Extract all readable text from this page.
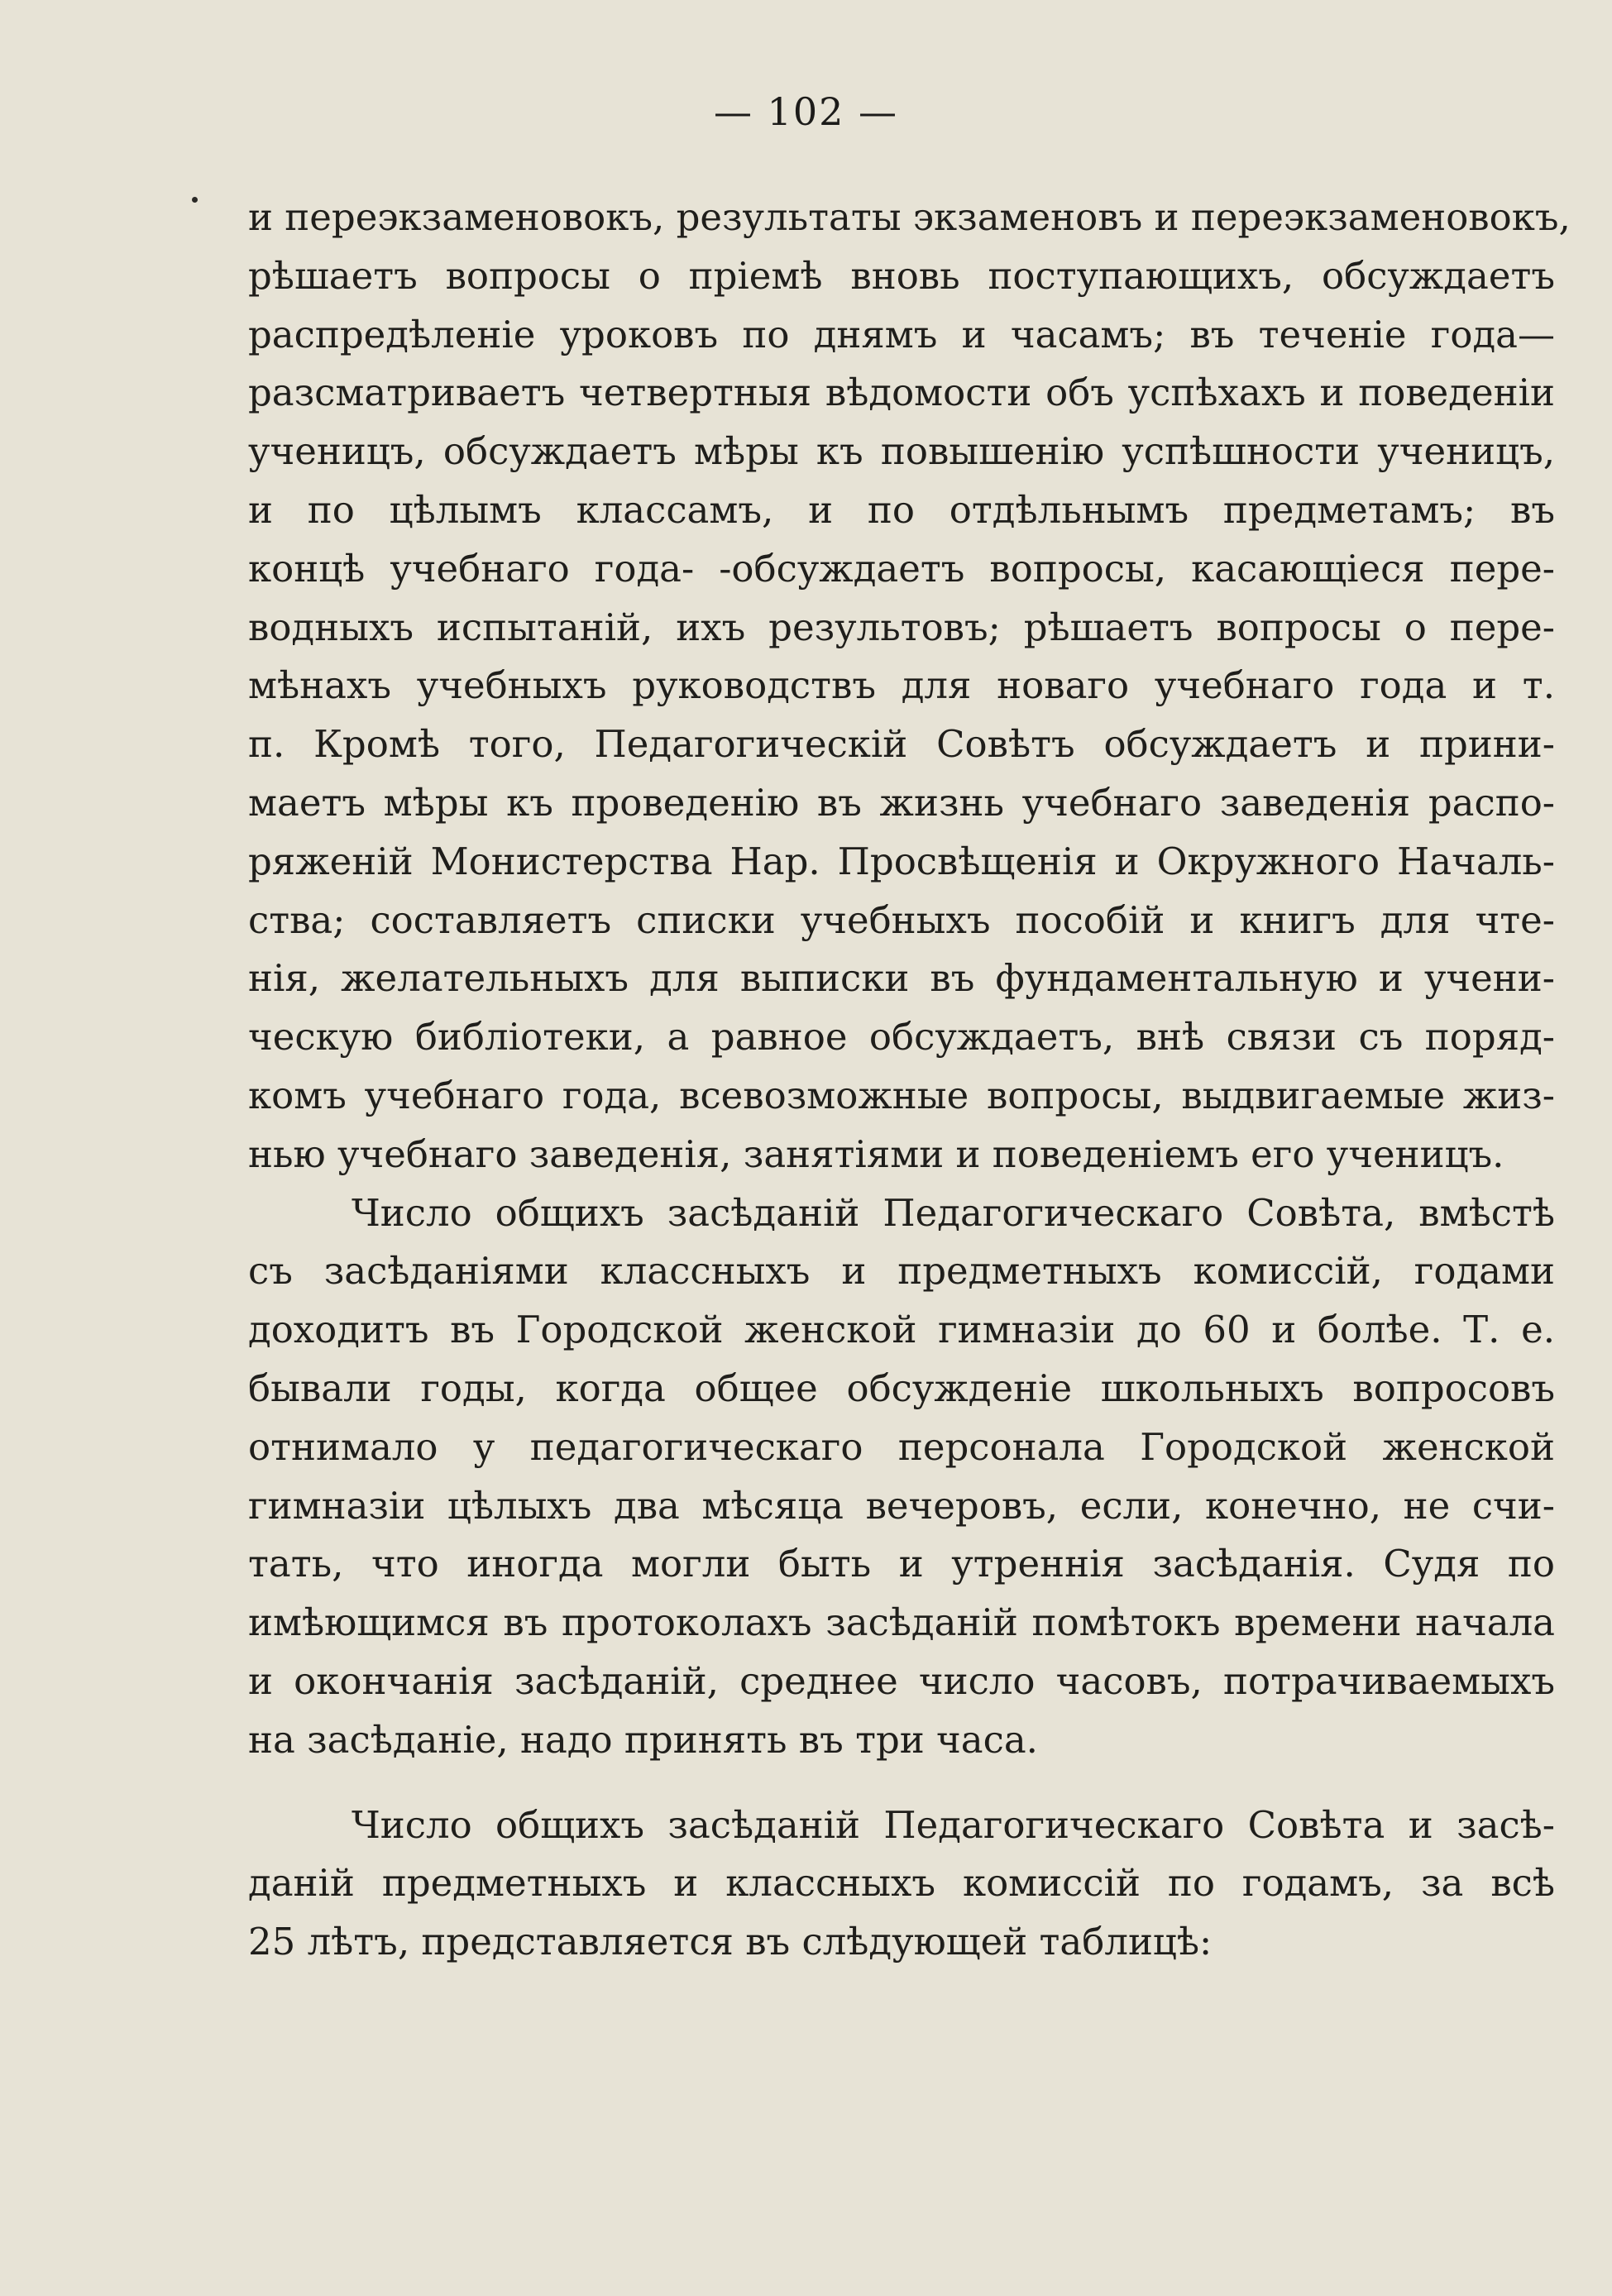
— 102 —
и переэкзаменовокъ, результаты экзаменовъ и переэкзаменовокъ,
рѣшаетъ вопросы о пріемѣ вновь поступающихъ, обсуждаетъ
распредѣленіе уроковъ по днямъ и часамъ; въ теченіе года—
разсматриваетъ четвертныя вѣдомости объ успѣхахъ и поведеніи
ученицъ, обсуждаетъ мѣры къ повышенію успѣшности ученицъ,
и по цѣлымъ классамъ, и по отдѣльнымъ предметамъ; въ
концѣ учебнаго года- -обсуждаетъ вопросы, касающіеся пере-
водныхъ испытаній, ихъ результовъ; рѣшаетъ вопросы о пере-
мѣнахъ учебныхъ руководствъ для новаго учебнаго года и т.
п. Кромѣ того, Педагогическій Совѣтъ обсуждаетъ и прини-
маетъ мѣры къ проведенію въ жизнь учебнаго заведенія распо-
ряженій Монистерства Нар. Просвѣщенія и Окружного Началь-
ства; составляетъ списки учебныхъ пособій и книгъ для чте-
нія, желательныхъ для выписки въ фундаментальную и учени-
ческую библіотеки, а равное обсуждаетъ, внѣ связи съ поряд-
комъ учебнаго года, всевозможные вопросы, выдвигаемые жиз-
нью учебнаго заведенія, занятіями и поведеніемъ его ученицъ.
Число общихъ засѣданій Педагогическаго Совѣта, вмѣстѣ
съ засѣданіями классныхъ и предметныхъ комиссій, годами
доходитъ въ Городской женской гимназіи до 60 и болѣе. Т. е.
бывали годы, когда общее обсужденіе школьныхъ вопросовъ
отнимало у педагогическаго персонала Городской женской
гимназіи цѣлыхъ два мѣсяца вечеровъ, если, конечно, не счи-
тать, что иногда могли быть и утреннія засѣданія. Судя по
имѣющимся въ протоколахъ засѣданій помѣтокъ времени начала
и окончанія засѣданій, среднее число часовъ, потрачиваемыхъ
на засѣданіе, надо принять въ три часа.
Число общихъ засѣданій Педагогическаго Совѣта и засѣ-
даній предметныхъ и классныхъ комиссій по годамъ, за всѣ
25 лѣтъ, представляется въ слѣдующей таблицѣ:
